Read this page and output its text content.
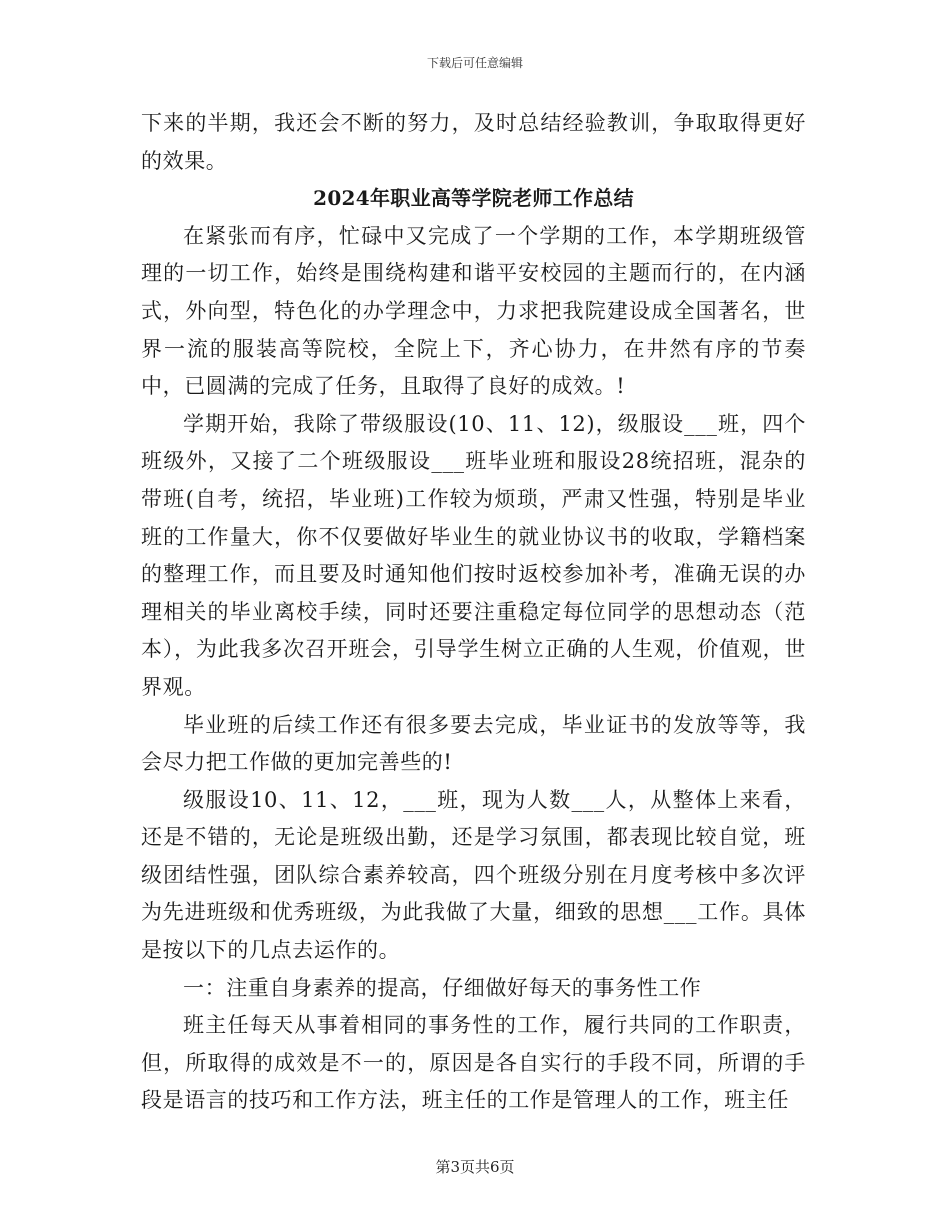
下载后可任意编辑

下来的半期，我还会不断的努力，及时总结经验教训，争取取得更好的效果。

2024年职业高等学院老师工作总结

在紧张而有序，忙碌中又完成了一个学期的工作，本学期班级管理的一切工作，始终是围绕构建和谐平安校园的主题而行的，在内涵式，外向型，特色化的办学理念中，力求把我院建设成全国著名，世界一流的服装高等院校，全院上下，齐心协力，在井然有序的节奏中，已圆满的完成了任务，且取得了良好的成效。!

学期开始，我除了带级服设(10、11、12)，级服设___班，四个班级外，又接了二个班级服设___班毕业班和服设28统招班，混杂的带班(自考，统招，毕业班)工作较为烦琐，严肃又性强，特别是毕业班的工作量大，你不仅要做好毕业生的就业协议书的收取，学籍档案的整理工作，而且要及时通知他们按时返校参加补考，准确无误的办理相关的毕业离校手续，同时还要注重稳定每位同学的思想动态（范本），为此我多次召开班会，引导学生树立正确的人生观，价值观，世界观。

毕业班的后续工作还有很多要去完成，毕业证书的发放等等，我会尽力把工作做的更加完善些的!

级服设10、11、12，___班，现为人数___人，从整体上来看，还是不错的，无论是班级出勤，还是学习氛围，都表现比较自觉，班级团结性强，团队综合素养较高，四个班级分别在月度考核中多次评为先进班级和优秀班级，为此我做了大量，细致的思想___工作。具体是按以下的几点去运作的。

一：注重自身素养的提高，仔细做好每天的事务性工作

班主任每天从事着相同的事务性的工作，履行共同的工作职责，但，所取得的成效是不一的，原因是各自实行的手段不同，所谓的手段是语言的技巧和工作方法，班主任的工作是管理人的工作，班主任

第3页共6页
